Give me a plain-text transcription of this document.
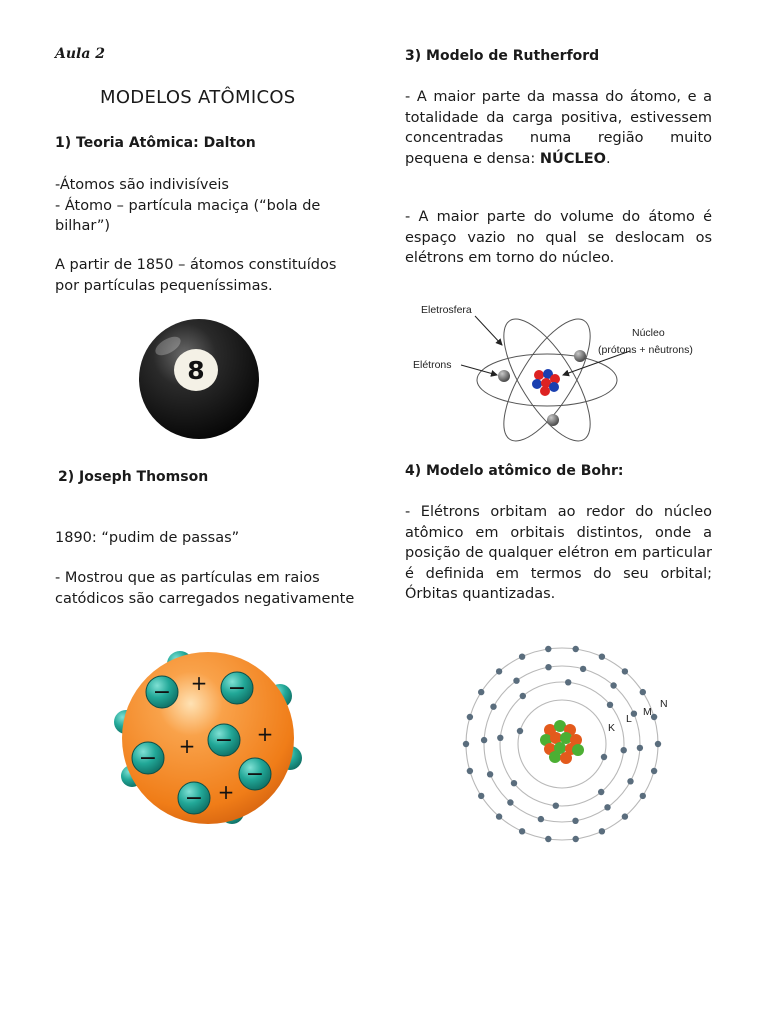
Aula 2
MODELOS ATÔMICOS
1) Teoria Atômica: Dalton
-Átomos são indivisíveis
- Átomo – partícula maciça (“bola de bilhar”)
A partir de 1850 – átomos constituídos por partículas pequeníssimas.
8
2) Joseph Thomson
1890: “pudim de passas”
- Mostrou que as partículas em raios catódicos são carregados negativamente
−	−
−
−
−
−
+
+
+
+
3) Modelo de Rutherford
- A maior parte da massa do átomo, e a totalidade da carga positiva, estivessem concentradas numa região muito pequena e densa: NÚCLEO.
- A maior parte do volume do átomo é espaço vazio no qual se deslocam os elétrons em torno do núcleo.
Eletrosfera
Elétrons
Núcleo
(prótons + nêutrons)
4) Modelo atômico de Bohr:
- Elétrons orbitam ao redor do núcleo atômico em orbitais distintos, onde a posição de qualquer elétron em particular é definida em termos do seu orbital; Órbitas quantizadas.
K
L
M
N
